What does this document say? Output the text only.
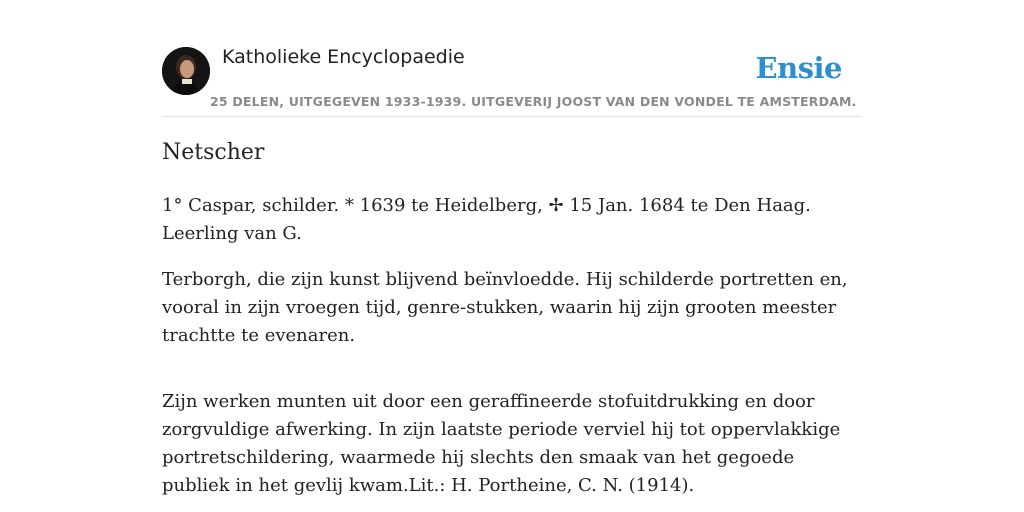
Katholieke Encyclopaedie	Ensie
25 DELEN, UITGEGEVEN 1933-1939. UITGEVERIJ JOOST VAN DEN VONDEL TE AMSTERDAM.
Netscher

1° Caspar, schilder. * 1639 te Heidelberg, ✢ 15 Jan. 1684 te Den Haag. Leerling van G.

Terborgh, die zijn kunst blijvend beïnvloedde. Hij schilderde portretten en, vooral in zijn vroegen tijd, genre-stukken, waarin hij zijn grooten meester trachtte te evenaren.

Zijn werken munten uit door een geraffineerde stofuitdrukking en door zorgvuldige afwerking. In zijn laatste periode verviel hij tot oppervlakkige portretschildering, waarmede hij slechts den smaak van het gegoede publiek in het gevlij kwam.Lit.: H. Portheine, C. N. (1914).
